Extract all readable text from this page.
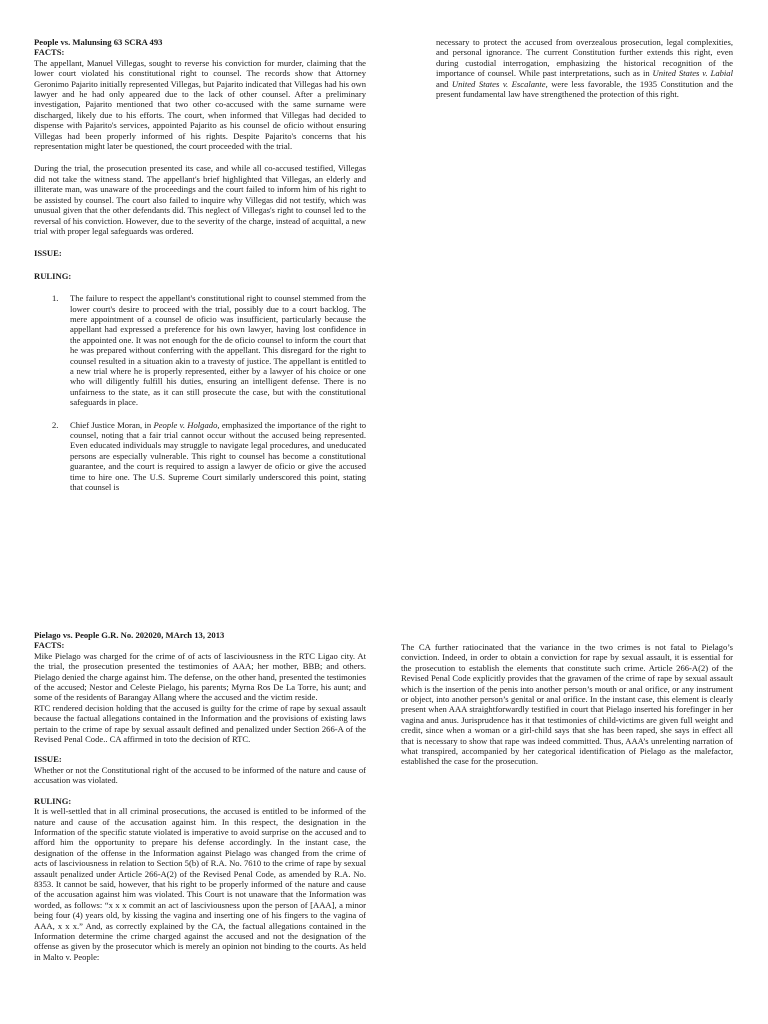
People vs. Malunsing 63 SCRA 493

FACTS:

The appellant, Manuel Villegas, sought to reverse his conviction for murder, claiming that the lower court violated his constitutional right to counsel. The records show that Attorney Geronimo Pajarito initially represented Villegas, but Pajarito indicated that Villegas had his own lawyer and he had only appeared due to the lack of other counsel. After a preliminary investigation, Pajarito mentioned that two other co-accused with the same surname were discharged, likely due to his efforts. The court, when informed that Villegas had decided to dispense with Pajarito's services, appointed Pajarito as his counsel de oficio without ensuring Villegas had been properly informed of his rights. Despite Pajarito's concerns that his representation might later be questioned, the court proceeded with the trial.

During the trial, the prosecution presented its case, and while all co-accused testified, Villegas did not take the witness stand. The appellant's brief highlighted that Villegas, an elderly and illiterate man, was unaware of the proceedings and the court failed to inform him of his right to be assisted by counsel. The court also failed to inquire why Villegas did not testify, which was unusual given that the other defendants did. This neglect of Villegas's right to counsel led to the reversal of his conviction. However, due to the severity of the charge, instead of acquittal, a new trial with proper legal safeguards was ordered.

ISSUE:

RULING:

1. The failure to respect the appellant's constitutional right to counsel stemmed from the lower court's desire to proceed with the trial, possibly due to a court backlog. The mere appointment of a counsel de oficio was insufficient, particularly because the appellant had expressed a preference for his own lawyer, having lost confidence in the appointed one. It was not enough for the de oficio counsel to inform the court that he was prepared without conferring with the appellant. This disregard for the right to counsel resulted in a situation akin to a travesty of justice. The appellant is entitled to a new trial where he is properly represented, either by a lawyer of his choice or one who will diligently fulfill his duties, ensuring an intelligent defense. There is no unfairness to the state, as it can still prosecute the case, but with the constitutional safeguards in place.
2. Chief Justice Moran, in People v. Holgado, emphasized the importance of the right to counsel, noting that a fair trial cannot occur without the accused being represented. Even educated individuals may struggle to navigate legal procedures, and uneducated persons are especially vulnerable. This right to counsel has become a constitutional guarantee, and the court is required to assign a lawyer de oficio or give the accused time to hire one. The U.S. Supreme Court similarly underscored this point, stating that counsel is

necessary to protect the accused from overzealous prosecution, legal complexities, and personal ignorance. The current Constitution further extends this right, even during custodial interrogation, emphasizing the historical recognition of the importance of counsel. While past interpretations, such as in United States v. Labial and United States v. Escalante, were less favorable, the 1935 Constitution and the present fundamental law have strengthened the protection of this right.

Pielago vs. People G.R. No. 202020, MArch 13, 2013

FACTS:

Mike Pielago was charged for the crime of of acts of lasciviousness in the RTC Ligao city. At the trial, the prosecution presented the testimonies of AAA; her mother, BBB; and others. Pielago denied the charge against him. The defense, on the other hand, presented the testimonies of the accused; Nestor and Celeste Pielago, his parents; Myrna Ros De La Torre, his aunt; and some of the residents of Barangay Allang where the accused and the victim reside.

RTC rendered decision holding that the accused is guilty for the crime of rape by sexual assault because the factual allegations contained in the Information and the provisions of existing laws pertain to the crime of rape by sexual assault defined and penalized under Section 266-A of the Revised Penal Code.. CA affirmed in toto the decision of RTC.

ISSUE:

Whether or not the Constitutional right of the accused to be informed of the nature and cause of accusation was violated.

RULING:

It is well-settled that in all criminal prosecutions, the accused is entitled to be informed of the nature and cause of the accusation against him. In this respect, the designation in the Information of the specific statute violated is imperative to avoid surprise on the accused and to afford him the opportunity to prepare his defense accordingly. In the instant case, the designation of the offense in the Information against Pielago was changed from the crime of acts of lasciviousness in relation to Section 5(b) of R.A. No. 7610 to the crime of rape by sexual assault penalized under Article 266-A(2) of the Revised Penal Code, as amended by R.A. No. 8353. It cannot be said, however, that his right to be properly informed of the nature and cause of the accusation against him was violated. This Court is not unaware that the Information was worded, as follows: “x x x commit an act of lasciviousness upon the person of [AAA], a minor being four (4) years old, by kissing the vagina and inserting one of his fingers to the vagina of AAA, x x x.” And, as correctly explained by the CA, the factual allegations contained in the Information determine the crime charged against the accused and not the designation of the offense as given by the prosecutor which is merely an opinion not binding to the courts. As held in Malto v. People:

The CA further ratiocinated that the variance in the two crimes is not fatal to Pielago’s conviction. Indeed, in order to obtain a conviction for rape by sexual assault, it is essential for the prosecution to establish the elements that constitute such crime. Article 266-A(2) of the Revised Penal Code explicitly provides that the gravamen of the crime of rape by sexual assault which is the insertion of the penis into another person’s mouth or anal orifice, or any instrument or object, into another person’s genital or anal orifice. In the instant case, this element is clearly present when AAA straightforwardly testified in court that Pielago inserted his forefinger in her vagina and anus. Jurisprudence has it that testimonies of child-victims are given full weight and credit, since when a woman or a girl-child says that she has been raped, she says in effect all that is necessary to show that rape was indeed committed. Thus, AAA’s unrelenting narration of what transpired, accompanied by her categorical identification of Pielago as the malefactor, established the case for the prosecution.
